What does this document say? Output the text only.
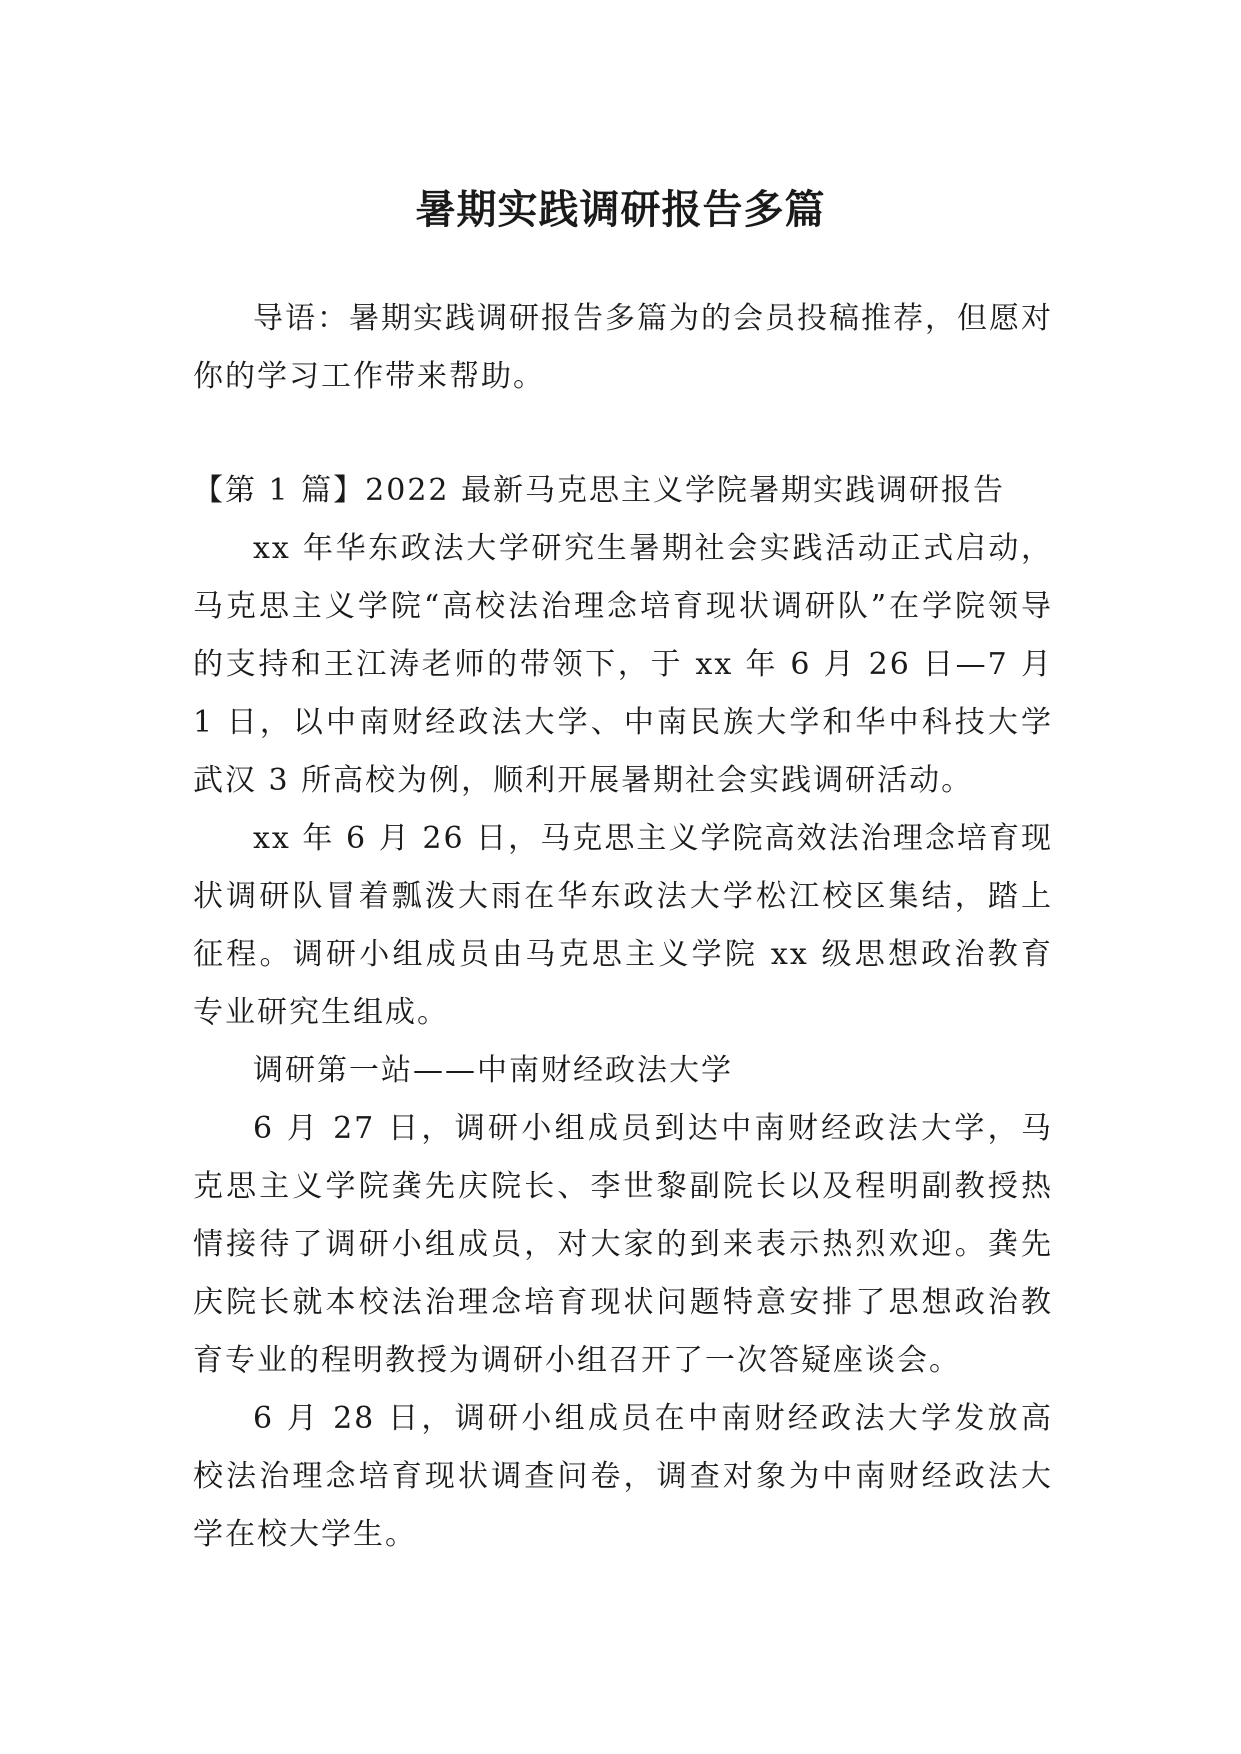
暑期实践调研报告多篇

导语：暑期实践调研报告多篇为的会员投稿推荐，但愿对你的学习工作带来帮助。

【第 1 篇】2022 最新马克思主义学院暑期实践调研报告

xx 年华东政法大学研究生暑期社会实践活动正式启动，马克思主义学院“高校法治理念培育现状调研队”在学院领导的支持和王江涛老师的带领下，于 xx 年 6 月 26 日—7 月 1 日，以中南财经政法大学、中南民族大学和华中科技大学武汉 3 所高校为例，顺利开展暑期社会实践调研活动。

xx 年 6 月 26 日，马克思主义学院高效法治理念培育现状调研队冒着瓢泼大雨在华东政法大学松江校区集结，踏上征程。调研小组成员由马克思主义学院 xx 级思想政治教育专业研究生组成。

调研第一站——中南财经政法大学

6 月 27 日，调研小组成员到达中南财经政法大学，马克思主义学院龚先庆院长、李世黎副院长以及程明副教授热情接待了调研小组成员，对大家的到来表示热烈欢迎。龚先庆院长就本校法治理念培育现状问题特意安排了思想政治教育专业的程明教授为调研小组召开了一次答疑座谈会。

6 月 28 日，调研小组成员在中南财经政法大学发放高校法治理念培育现状调查问卷，调查对象为中南财经政法大学在校大学生。
